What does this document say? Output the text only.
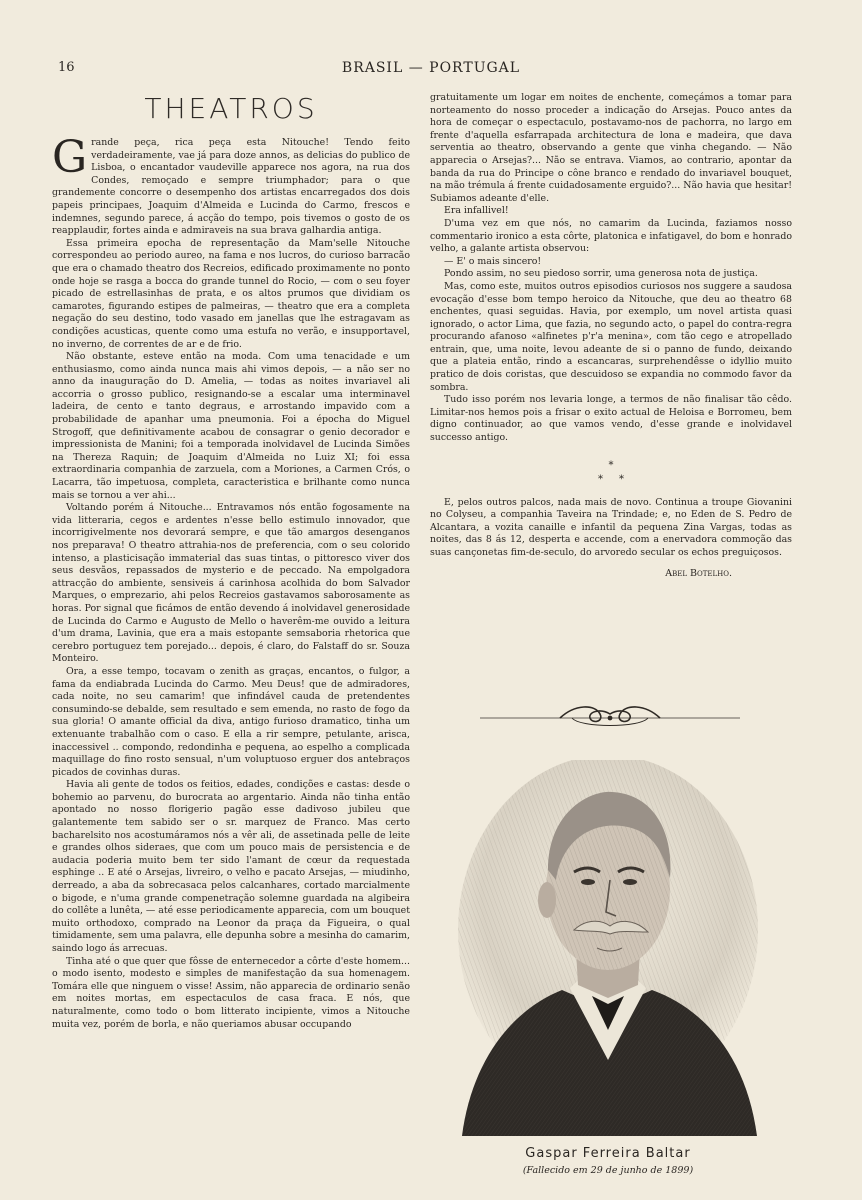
16	BRASIL — PORTUGAL
THEATROS

Grande peça, rica peça esta Nitouche! Tendo feito verdadeiramente, vae já para doze annos, as delicias do publico de Lisboa, o encantador vaudeville apparece nos agora, na rua dos Condes, remoçado e sempre triumphador; para o que grandemente concorre o desempenho dos artistas encarregados dos dois papeis principaes, Joaquim d'Almeida e Lucinda do Carmo, frescos e indemnes, segundo parece, á acção do tempo, pois tivemos o gosto de os reapplaudir, fortes ainda e admiraveis na sua brava galhardia antiga.

Essa primeira epocha de representação da Mam'selle Nitouche correspondeu ao periodo aureo, na fama e nos lucros, do curioso barracão que era o chamado theatro dos Recreios, edificado proximamente no ponto onde hoje se rasga a bocca do grande tunnel do Rocio, — com o seu foyer picado de estrellasinhas de prata, e os altos prumos que dividiam os camarotes, figurando estipes de palmeiras, — theatro que era a completa negação do seu destino, todo vasado em janellas que lhe estragavam as condições acusticas, quente como uma estufa no verão, e insupportavel, no inverno, de correntes de ar e de frio.

Não obstante, esteve então na moda. Com uma tenacidade e um enthusiasmo, como ainda nunca mais ahi vimos depois, — a não ser no anno da inauguração do D. Amelia, — todas as noites invariavel ali accorria o grosso publico, resignando-se a escalar uma interminavel ladeira, de cento e tanto degraus, e arrostando impavido com a probabilidade de apanhar uma pneumonia. Foi a épocha do Miguel Strogoff, que definitivamente acabou de consagrar o genio decorador e impressionista de Manini; foi a temporada inolvidavel de Lucinda Simões na Thereza Raquin; de Joaquim d'Almeida no Luiz XI; foi essa extraordinaria companhia de zarzuela, com a Moriones, a Carmen Crós, o Lacarra, tão impetuosa, completa, caracteristica e brilhante como nunca mais se tornou a ver ahi...

Voltando porém á Nitouche... Entravamos nós então fogosamente na vida litteraria, cegos e ardentes n'esse bello estimulo innovador, que incorrigivelmente nos devorará sempre, e que tão amargos desenganos nos preparava! O theatro attrahia-nos de preferencia, com o seu colorido intenso, a plasticisação immaterial das suas tintas, o pittoresco viver dos seus desvãos, repassados de mysterio e de peccado. Na empolgadora attracção do ambiente, sensiveis á carinhosa acolhida do bom Salvador Marques, o emprezario, ahi pelos Recreios gastavamos saborosamente as horas. Por signal que ficámos de então devendo á inolvidavel generosidade de Lucinda do Carmo e Augusto de Mello o haverêm-me ouvido a leitura d'um drama, Lavinia, que era a mais estopante semsaboria rhetorica que cerebro portuguez tem porejado... depois, é claro, do Falstaff do sr. Souza Monteiro.

Ora, a esse tempo, tocavam o zenith as graças, encantos, o fulgor, a fama da endiabrada Lucinda do Carmo. Meu Deus! que de admiradores, cada noite, no seu camarim! que infindável cauda de pretendentes consumindo-se debalde, sem resultado e sem emenda, no rasto de fogo da sua gloria! O amante official da diva, antigo furioso dramatico, tinha um extenuante trabalhão com o caso. E ella a rir sempre, petulante, arisca, inaccessivel .. compondo, redondinha e pequena, ao espelho a complicada maquillage do fino rosto sensual, n'um voluptuoso erguer dos antebraços picados de covinhas duras.

Havia ali gente de todos os feitios, edades, condições e castas: desde o bohemio ao parvenu, do burocrata ao argentario. Ainda não tinha então apontado no nosso florigerio pagão esse dadivoso jubileu que galantemente tem sabido ser o sr. marquez de Franco. Mas certo bacharelsito nos acostumáramos nós a vêr ali, de assetinada pelle de leite e grandes olhos sideraes, que com um pouco mais de persistencia e de audacia poderia muito bem ter sido l'amant de cœur da requestada esphinge .. E até o Arsejas, livreiro, o velho e pacato Arsejas, — miudinho, derreado, a aba da sobrecasaca pelos calcanhares, cortado marcialmente o bigode, e n'uma grande compenetração solemne guardada na algibeira do collête a lunêta, — até esse periodicamente apparecia, com um bouquet muito orthodoxo, comprado na Leonor da praça da Figueira, o qual timidamente, sem uma palavra, elle depunha sobre a mesinha do camarim, saindo logo ás arrecuas.

Tinha até o que quer que fôsse de enternecedor a côrte d'este homem... o modo isento, modesto e simples de manifestação da sua homenagem. Tomára elle que ninguem o visse! Assim, não apparecia de ordinario senão em noites mortas, em espectaculos de casa fraca. E nós, que naturalmente, como todo o bom litterato incipiente, vimos a Nitouche muita vez, porém de borla, e não queriamos abusar occupando

gratuitamente um logar em noites de enchente, começámos a tomar para norteamento do nosso proceder a indicação do Arsejas. Pouco antes da hora de começar o espectaculo, postavamo-nos de pachorra, no largo em frente d'aquella esfarrapada architectura de lona e madeira, que dava serventia ao theatro, observando a gente que vinha chegando. — Não apparecia o Arsejas?... Não se entrava. Viamos, ao contrario, apontar da banda da rua do Principe o cône branco e rendado do invariavel bouquet, na mão trémula á frente cuidadosamente erguido?... Não havia que hesitar! Subiamos adeante d'elle.

Era infallivel!

D'uma vez em que nós, no camarim da Lucinda, faziamos nosso commentario ironico a esta côrte, platonica e infatigavel, do bom e honrado velho, a galante artista observou:

— E' o mais sincero!

Pondo assim, no seu piedoso sorrir, uma generosa nota de justiça.

Mas, como este, muitos outros episodios curiosos nos suggere a saudosa evocação d'esse bom tempo heroico da Nitouche, que deu ao theatro 68 enchentes, quasi seguidas. Havia, por exemplo, um novel artista quasi ignorado, o actor Lima, que fazia, no segundo acto, o papel do contra-regra procurando afanoso «alfinetes p'r'a menina», com tão cego e atropellado entrain, que, uma noite, levou adeante de si o panno de fundo, deixando que a plateia então, rindo a escancaras, surprehendêsse o idyllio muito pratico de dois coristas, que descuidoso se expandia no commodo favor da sombra.

Tudo isso porém nos levaria longe, a termos de não finalisar tão cêdo. Limitar-nos hemos pois a frisar o exito actual de Heloisa e Borromeu, bem digno continuador, ao que vamos vendo, d'esse grande e inolvidavel successo antigo.

*
*     *

E, pelos outros palcos, nada mais de novo. Continua a troupe Giovanini no Colyseu, a companhia Taveira na Trindade; e, no Eden de S. Pedro de Alcantara, a vozita canaille e infantil da pequena Zina Vargas, todas as noites, das 8 ás 12, desperta e accende, com a enervadora commoção das suas cançonetas fim-de-seculo, do arvoredo secular os echos preguiçosos.

Abel Botelho.
Gaspar Ferreira Baltar
(Fallecido em 29 de junho de 1899)
